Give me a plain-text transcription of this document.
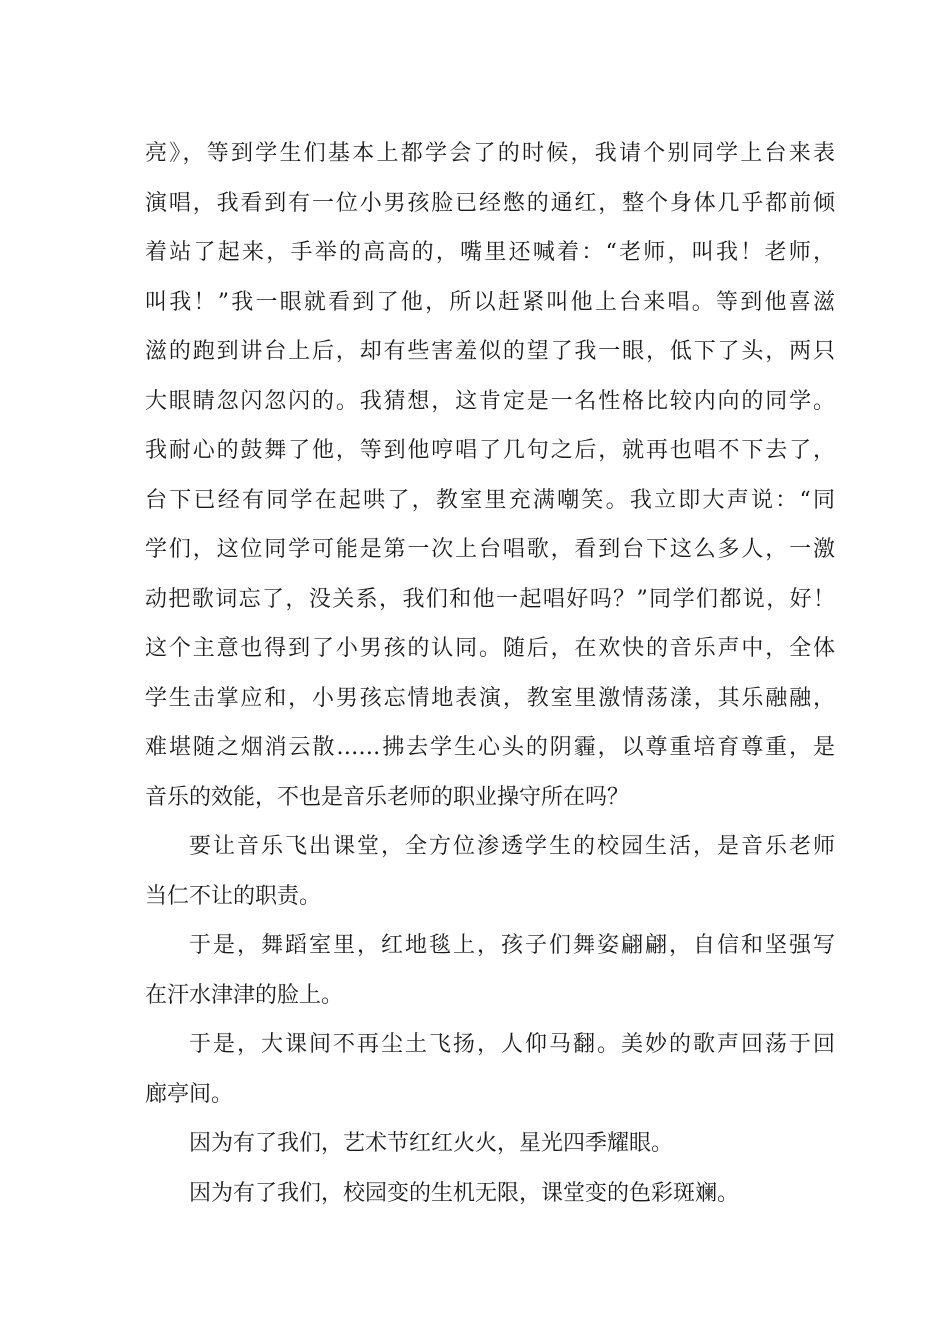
亮》，等到学生们基本上都学会了的时候，我请个别同学上台来表

演唱，我看到有一位小男孩脸已经憋的通红，整个身体几乎都前倾

着站了起来，手举的高高的，嘴里还喊着：“老师，叫我！老师，

叫我！”我一眼就看到了他，所以赶紧叫他上台来唱。等到他喜滋

滋的跑到讲台上后，却有些害羞似的望了我一眼，低下了头，两只

大眼睛忽闪忽闪的。我猜想，这肯定是一名性格比较内向的同学。

我耐心的鼓舞了他，等到他哼唱了几句之后，就再也唱不下去了，

台下已经有同学在起哄了，教室里充满嘲笑。我立即大声说：“同

学们，这位同学可能是第一次上台唱歌，看到台下这么多人，一激

动把歌词忘了，没关系，我们和他一起唱好吗？”同学们都说，好！

这个主意也得到了小男孩的认同。随后，在欢快的音乐声中，全体

学生击掌应和，小男孩忘情地表演，教室里激情荡漾，其乐融融，

难堪随之烟消云散……拂去学生心头的阴霾，以尊重培育尊重，是

音乐的效能，不也是音乐老师的职业操守所在吗？

要让音乐飞出课堂，全方位渗透学生的校园生活，是音乐老师

当仁不让的职责。

于是，舞蹈室里，红地毯上，孩子们舞姿翩翩，自信和坚强写

在汗水津津的脸上。

于是，大课间不再尘土飞扬，人仰马翻。美妙的歌声回荡于回

廊亭间。

因为有了我们，艺术节红红火火，星光四季耀眼。

因为有了我们，校园变的生机无限，课堂变的色彩斑斓。
